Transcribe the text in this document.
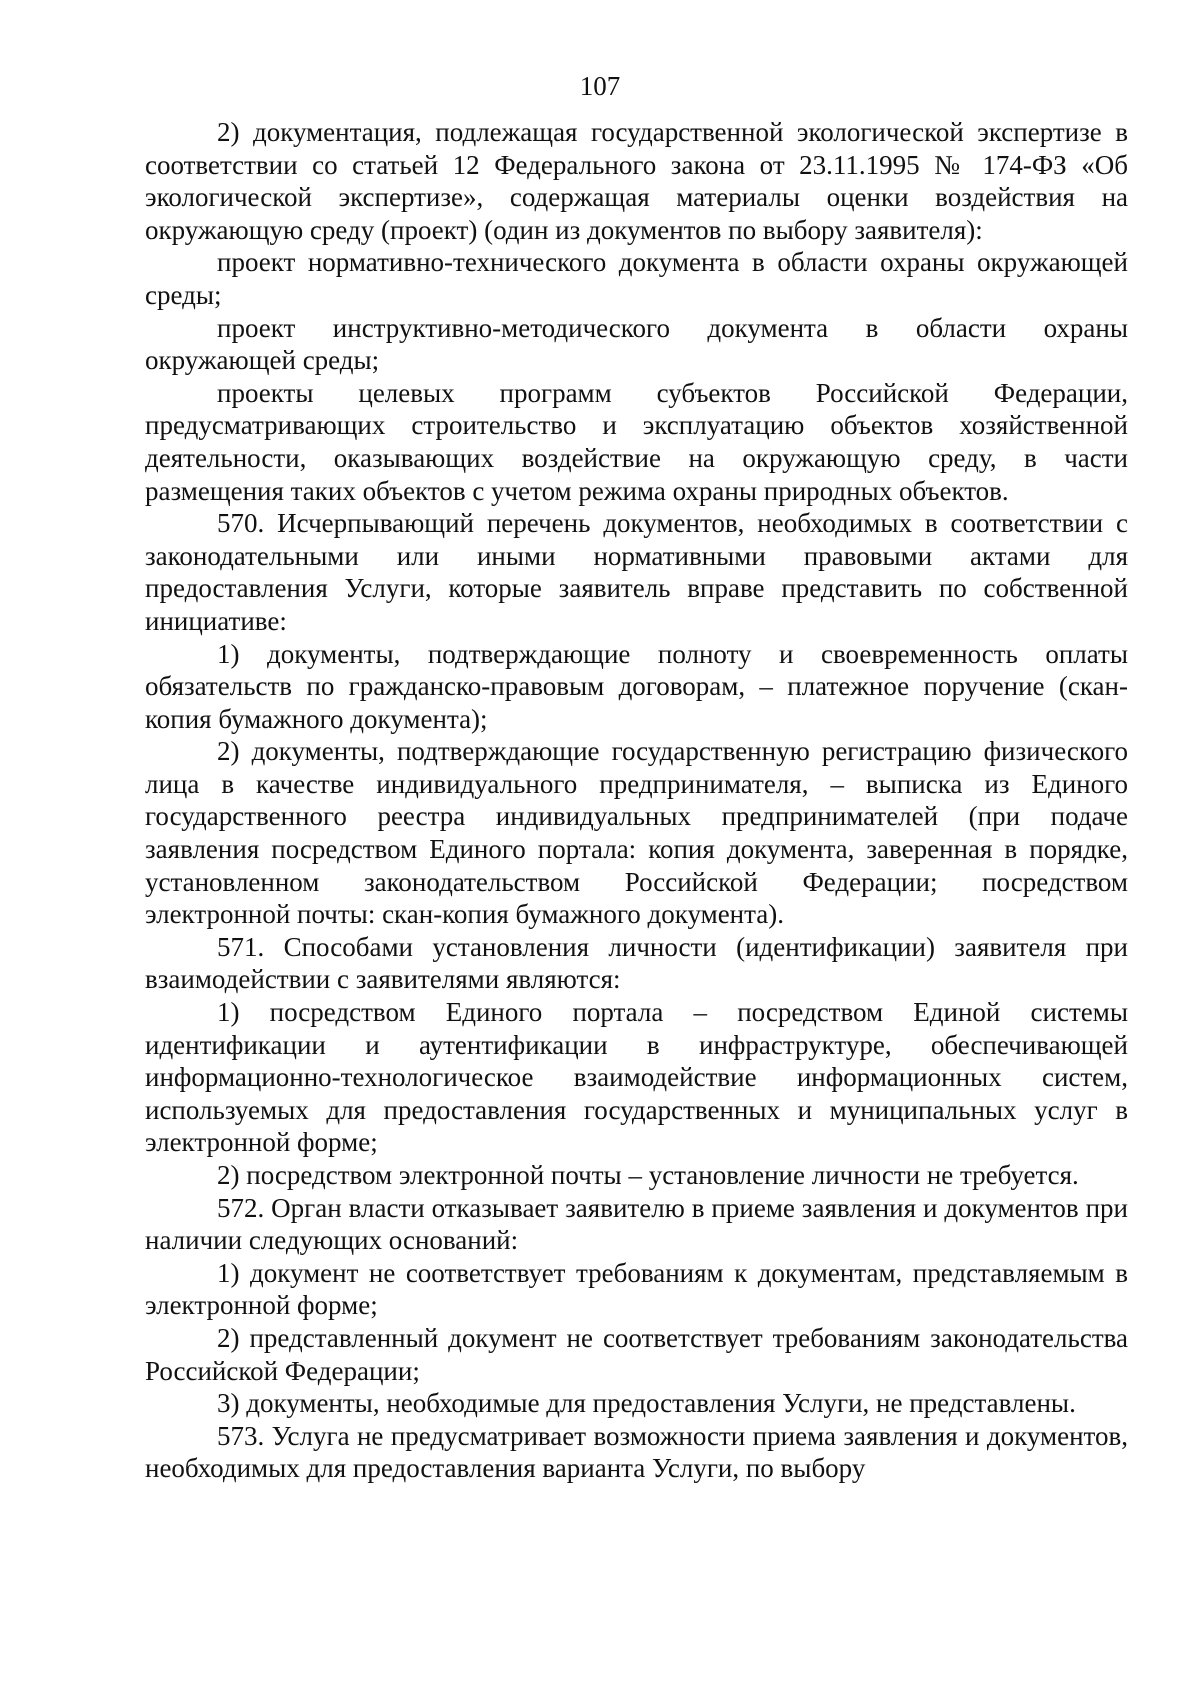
107

2) документация, подлежащая государственной экологической экспертизе в соответствии со статьей 12 Федерального закона от 23.11.1995 № 174-ФЗ «Об экологической экспертизе», содержащая материалы оценки воздействия на окружающую среду (проект) (один из документов по выбору заявителя):

проект нормативно-технического документа в области охраны окружающей среды;

проект инструктивно-методического документа в области охраны окружающей среды;

проекты целевых программ субъектов Российской Федерации, предусматривающих строительство и эксплуатацию объектов хозяйственной деятельности, оказывающих воздействие на окружающую среду, в части размещения таких объектов с учетом режима охраны природных объектов.

570. Исчерпывающий перечень документов, необходимых в соответствии с законодательными или иными нормативными правовыми актами для предоставления Услуги, которые заявитель вправе представить по собственной инициативе:

1) документы, подтверждающие полноту и своевременность оплаты обязательств по гражданско-правовым договорам, – платежное поручение (скан-копия бумажного документа);

2) документы, подтверждающие государственную регистрацию физического лица в качестве индивидуального предпринимателя, – выписка из Единого государственного реестра индивидуальных предпринимателей (при подаче заявления посредством Единого портала: копия документа, заверенная в порядке, установленном законодательством Российской Федерации; посредством электронной почты: скан-копия бумажного документа).

571. Способами установления личности (идентификации) заявителя при взаимодействии с заявителями являются:

1) посредством Единого портала – посредством Единой системы идентификации и аутентификации в инфраструктуре, обеспечивающей информационно-технологическое взаимодействие информационных систем, используемых для предоставления государственных и муниципальных услуг в электронной форме;

2) посредством электронной почты – установление личности не требуется.

572. Орган власти отказывает заявителю в приеме заявления и документов при наличии следующих оснований:

1) документ не соответствует требованиям к документам, представляемым в электронной форме;

2) представленный документ не соответствует требованиям законодательства Российской Федерации;

3) документы, необходимые для предоставления Услуги, не представлены.

573. Услуга не предусматривает возможности приема заявления и документов, необходимых для предоставления варианта Услуги, по выбору
